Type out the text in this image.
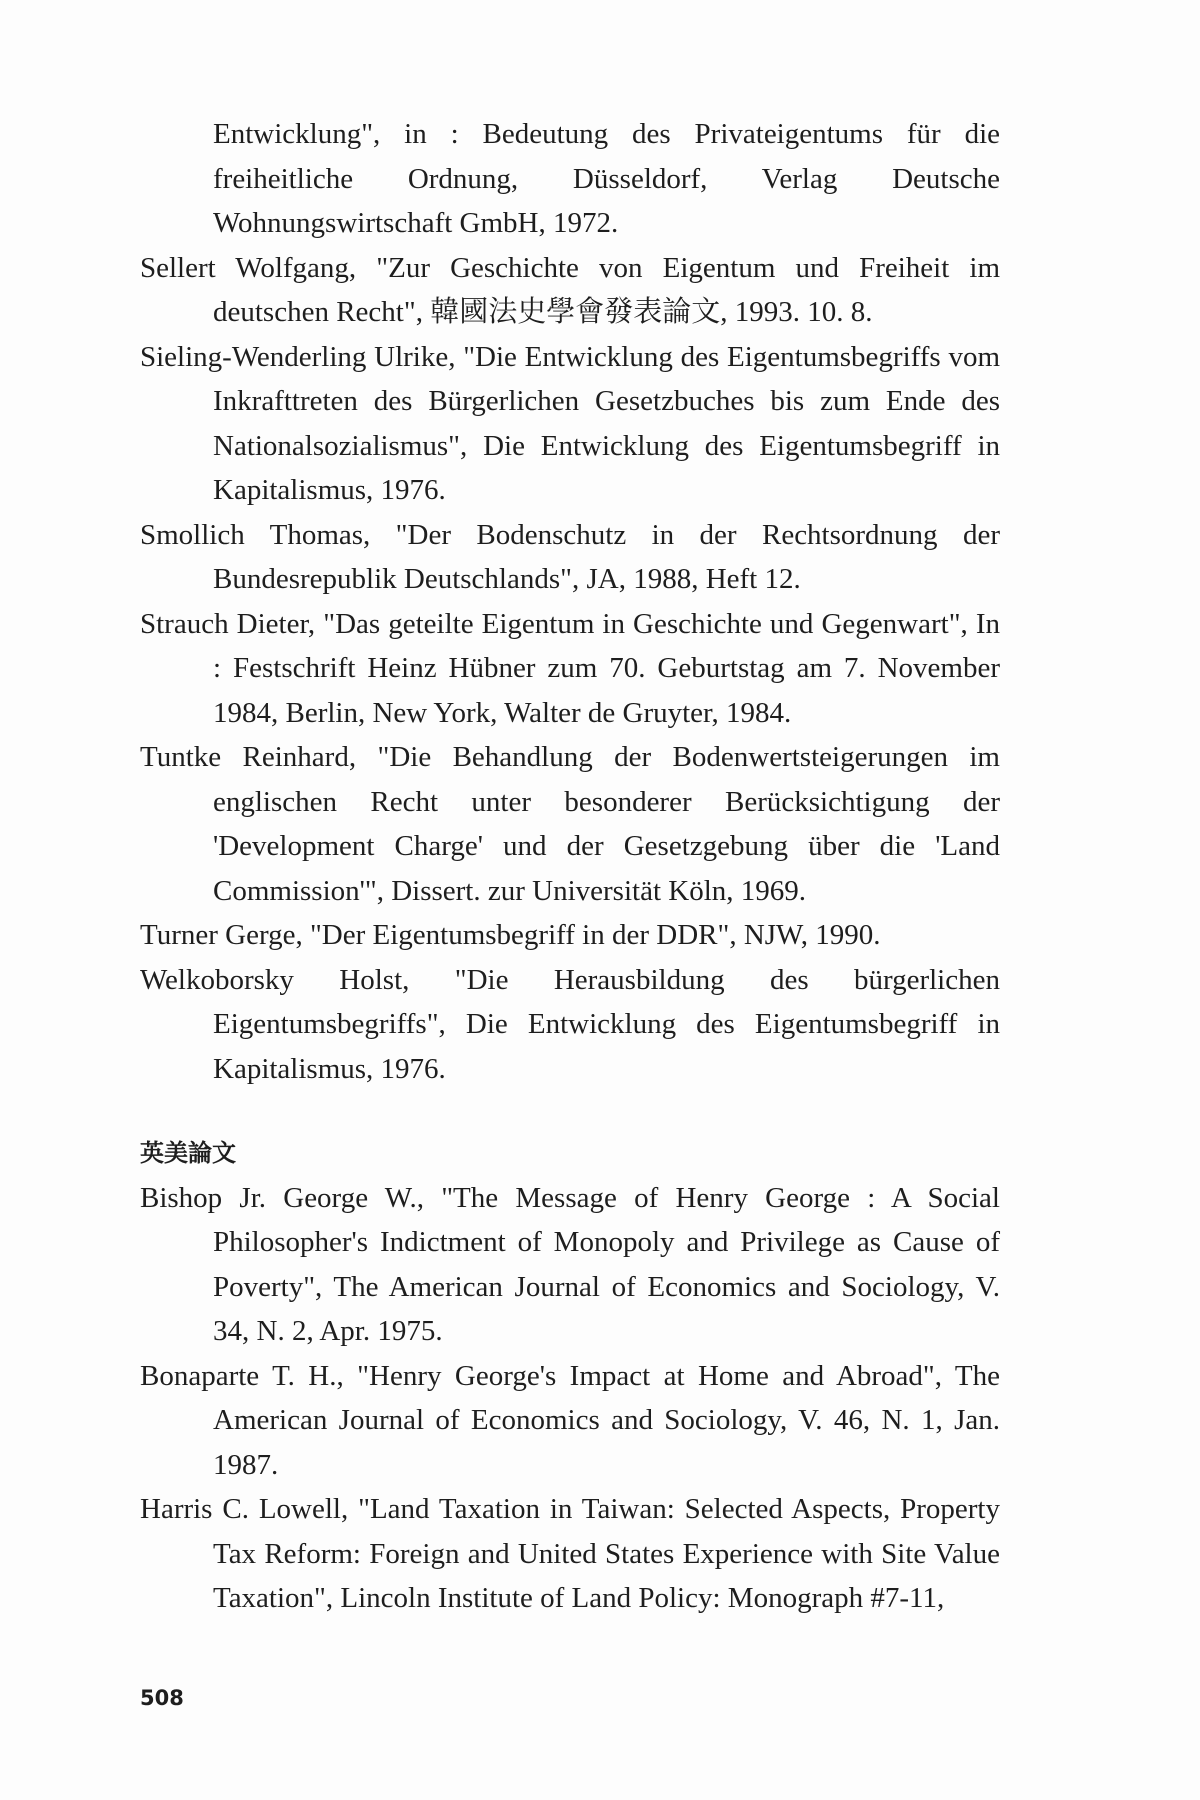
Entwicklung", in : Bedeutung des Privateigentums für die freiheitliche Ordnung, Düsseldorf, Verlag Deutsche Wohnungswirtschaft GmbH, 1972.

Sellert Wolfgang, "Zur Geschichte von Eigentum und Freiheit im deutschen Recht", 韓國法史學會發表論文, 1993. 10. 8.

Sieling-Wenderling Ulrike, "Die Entwicklung des Eigentumsbegriffs vom Inkrafttreten des Bürgerlichen Gesetzbuches bis zum Ende des Nationalsozialismus", Die Entwicklung des Eigentumsbegriff in Kapitalismus, 1976.

Smollich Thomas, "Der Bodenschutz in der Rechtsordnung der Bundesrepublik Deutschlands", JA, 1988, Heft 12.

Strauch Dieter, "Das geteilte Eigentum in Geschichte und Gegenwart", In : Festschrift Heinz Hübner zum 70. Geburtstag am 7. November 1984, Berlin, New York, Walter de Gruyter, 1984.

Tuntke Reinhard, "Die Behandlung der Bodenwertsteigerungen im englischen Recht unter besonderer Berücksichtigung der 'Development Charge' und der Gesetzgebung über die 'Land Commission'", Dissert. zur Universität Köln, 1969.

Turner Gerge, "Der Eigentumsbegriff in der DDR", NJW, 1990.

Welkoborsky Holst, "Die Herausbildung des bürgerlichen Eigentumsbegriffs", Die Entwicklung des Eigentumsbegriff in Kapitalismus, 1976.

英美論文

Bishop Jr. George W., "The Message of Henry George : A Social Philosopher's Indictment of Monopoly and Privilege as Cause of Poverty", The American Journal of Economics and Sociology, V. 34, N. 2, Apr. 1975.

Bonaparte T. H., "Henry George's Impact at Home and Abroad", The American Journal of Economics and Sociology, V. 46, N. 1, Jan. 1987.

Harris C. Lowell, "Land Taxation in Taiwan: Selected Aspects, Property Tax Reform: Foreign and United States Experience with Site Value Taxation", Lincoln Institute of Land Policy: Monograph #7-11,

508
